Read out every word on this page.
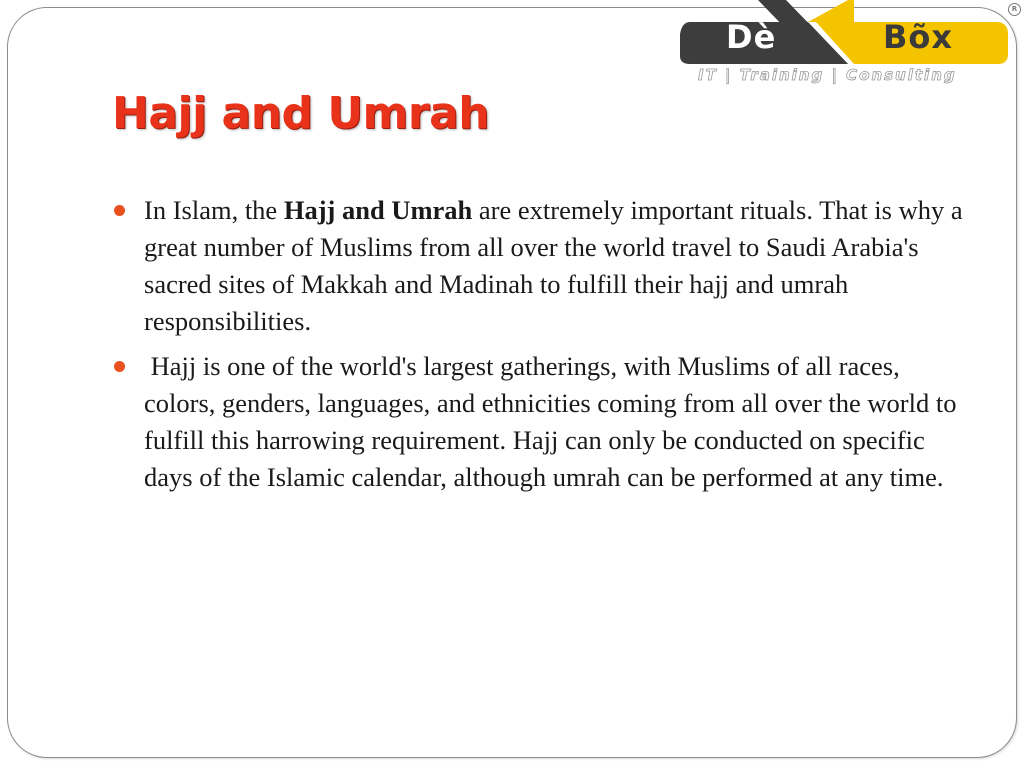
Dè	Bõx
IT | Training | Consulting
R
Hajj and Umrah
In Islam, the Hajj and Umrah are extremely important rituals. That is why a great number of Muslims from all over the world travel to Saudi Arabia's sacred sites of Makkah and Madinah to fulfill their hajj and umrah responsibilities.
Hajj is one of the world's largest gatherings, with Muslims of all races, colors, genders, languages, and ethnicities coming from all over the world to fulfill this harrowing requirement. Hajj can only be conducted on specific days of the Islamic calendar, although umrah can be performed at any time.
